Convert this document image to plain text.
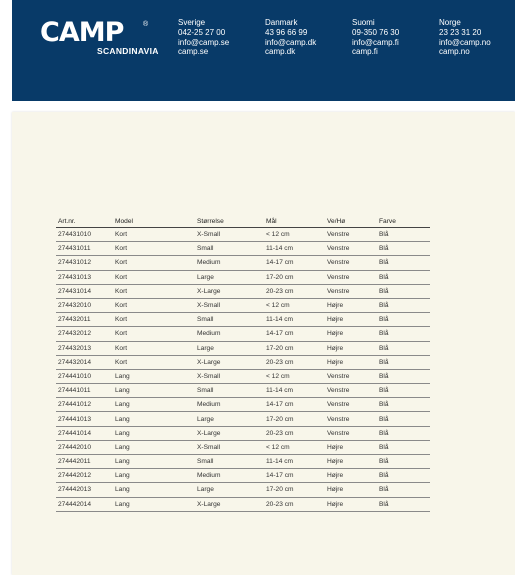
CAMP	®
SCANDINAVIA
Sverige
042-25 27 00
info@camp.se
camp.se
Danmark
43 96 66 99
info@camp.dk
camp.dk
Suomi
09-350 76 30
info@camp.fi
camp.fi
Norge
23 23 31 20
info@camp.no
camp.no
Art.nr.	Model	Størrelse	Mål	Ve/Hø	Farve
274431010	Kort	X-Small	< 12 cm	Venstre	Blå
274431011	Kort	Small	11-14 cm	Venstre	Blå
274431012	Kort	Medium	14-17 cm	Venstre	Blå
274431013	Kort	Large	17-20 cm	Venstre	Blå
274431014	Kort	X-Large	20-23 cm	Venstre	Blå
274432010	Kort	X-Small	< 12 cm	Højre	Blå
274432011	Kort	Small	11-14 cm	Højre	Blå
274432012	Kort	Medium	14-17 cm	Højre	Blå
274432013	Kort	Large	17-20 cm	Højre	Blå
274432014	Kort	X-Large	20-23 cm	Højre	Blå
274441010	Lang	X-Small	< 12 cm	Venstre	Blå
274441011	Lang	Small	11-14 cm	Venstre	Blå
274441012	Lang	Medium	14-17 cm	Venstre	Blå
274441013	Lang	Large	17-20 cm	Venstre	Blå
274441014	Lang	X-Large	20-23 cm	Venstre	Blå
274442010	Lang	X-Small	< 12 cm	Højre	Blå
274442011	Lang	Small	11-14 cm	Højre	Blå
274442012	Lang	Medium	14-17 cm	Højre	Blå
274442013	Lang	Large	17-20 cm	Højre	Blå
274442014	Lang	X-Large	20-23 cm	Højre	Blå
